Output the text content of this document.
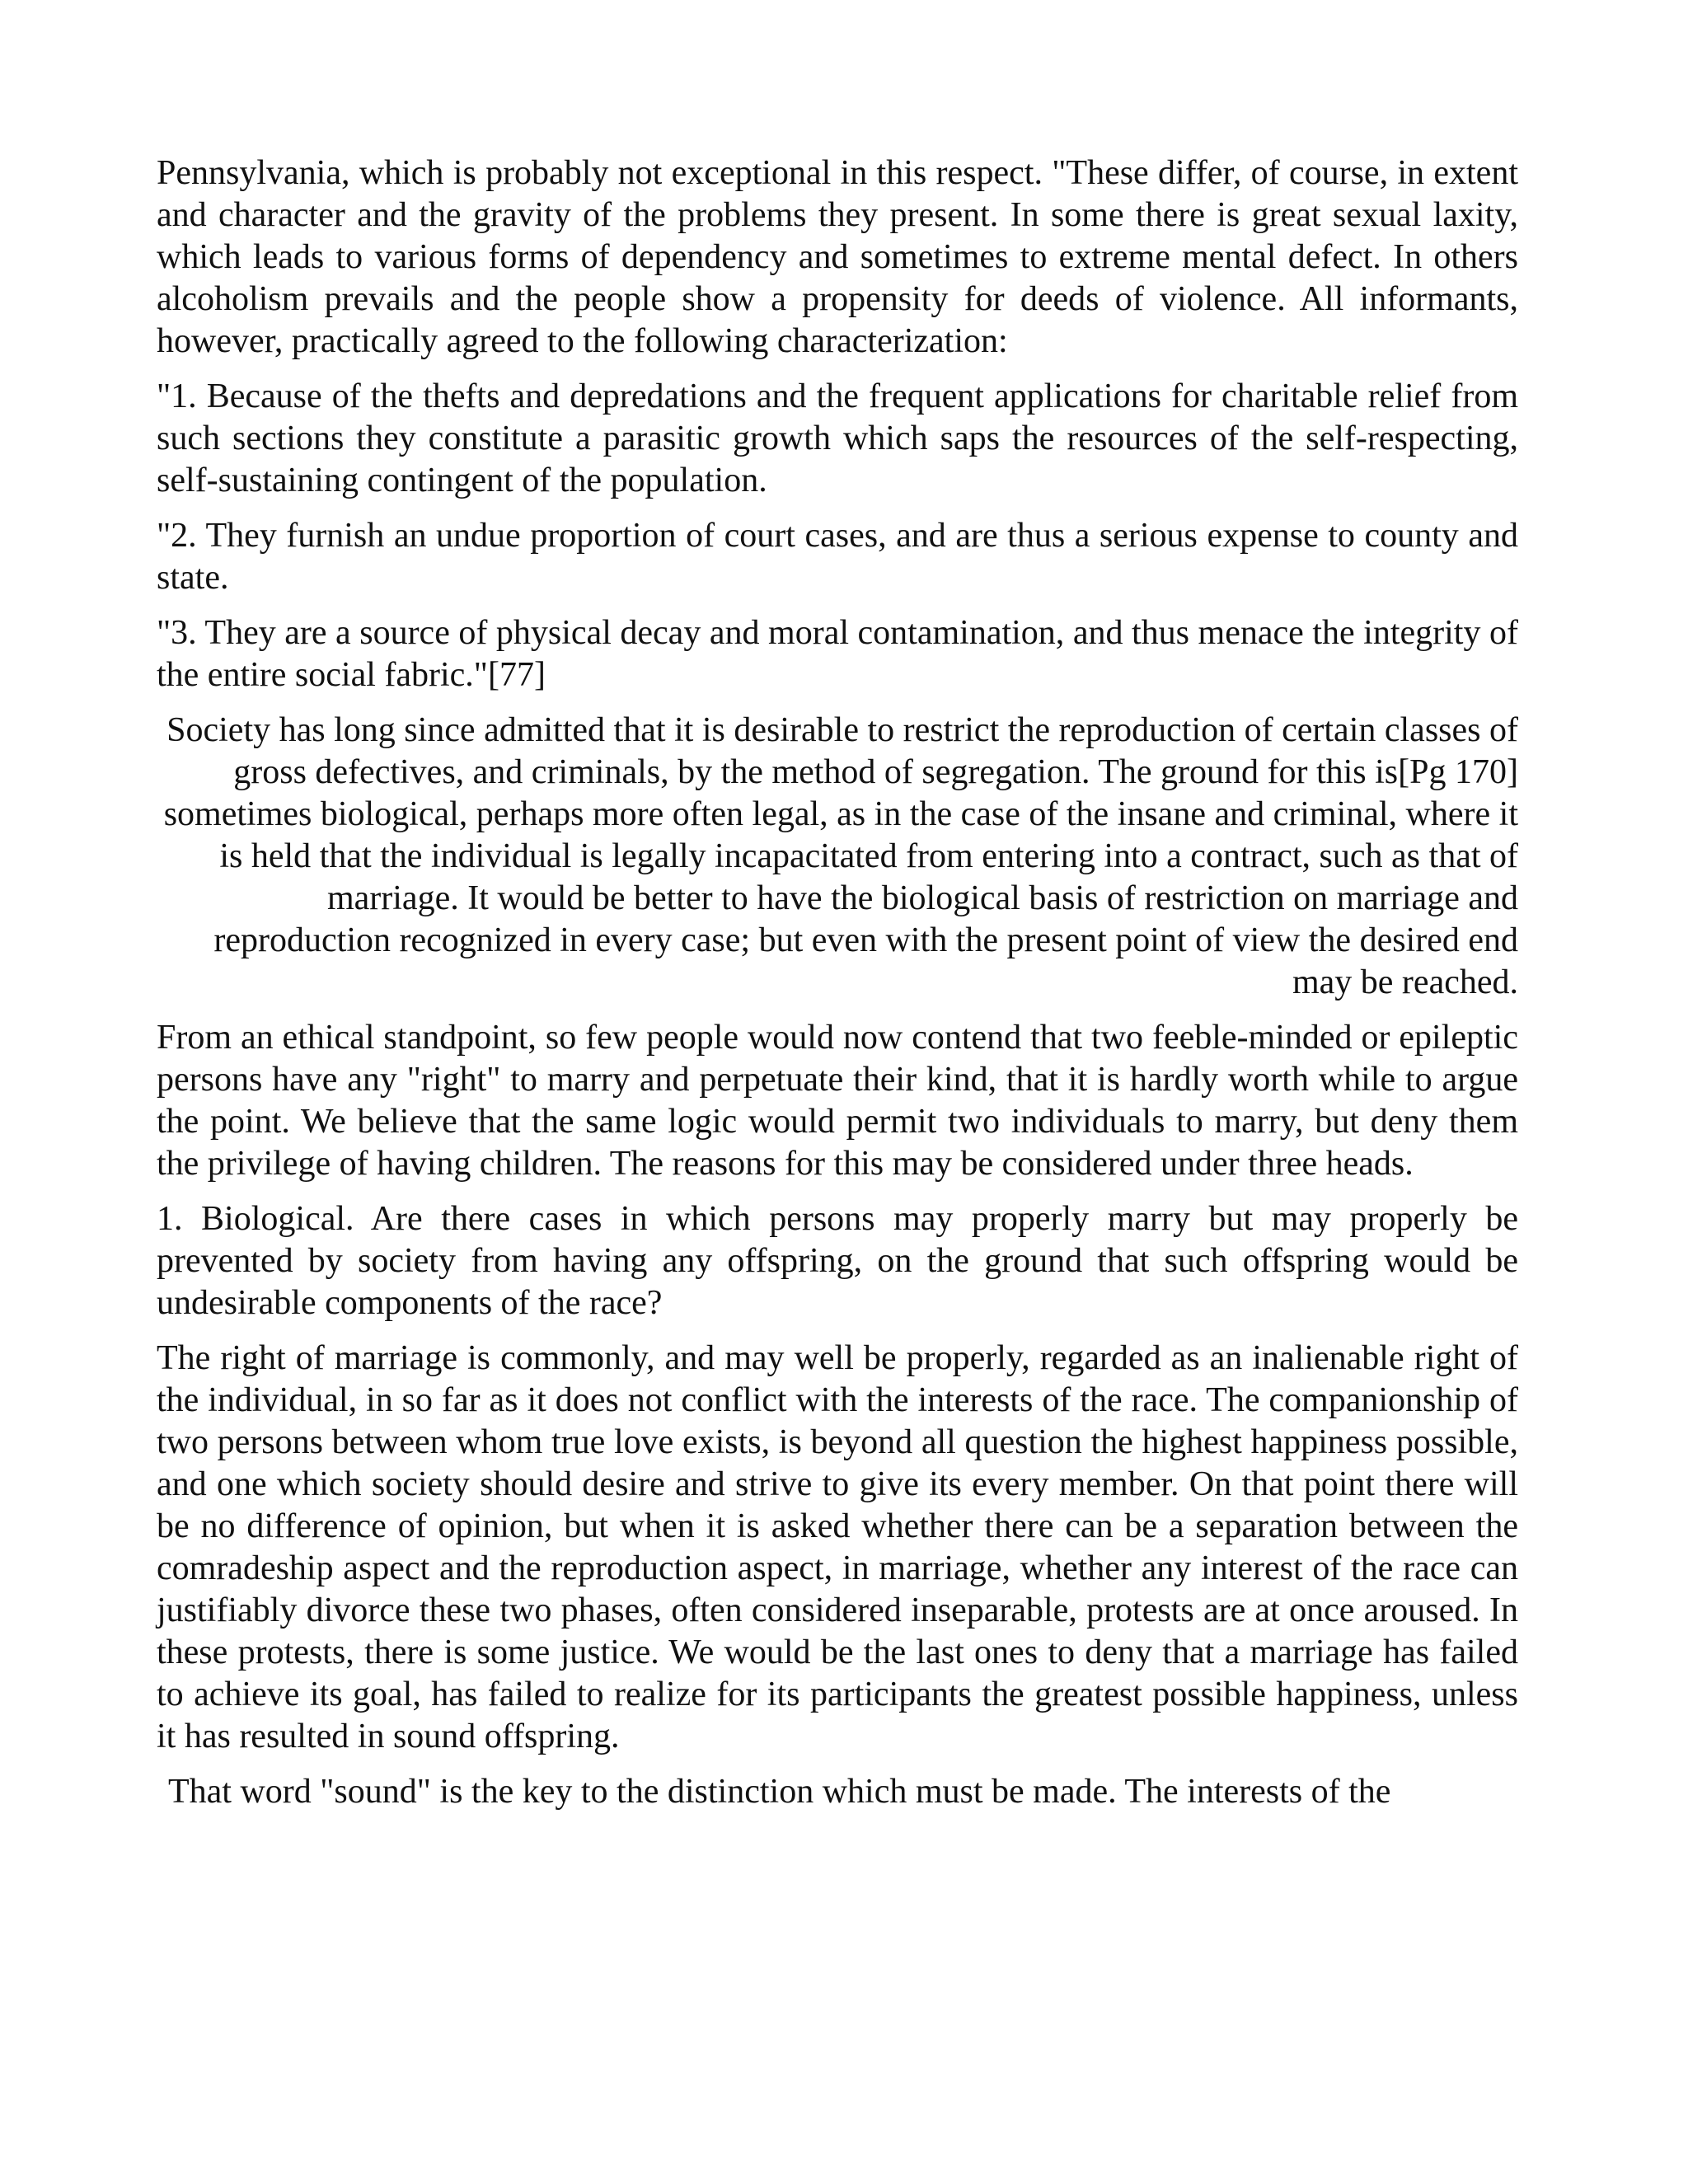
Pennsylvania, which is probably not exceptional in this respect. "These differ, of course, in extent and character and the gravity of the problems they present. In some there is great sexual laxity, which leads to various forms of dependency and sometimes to extreme mental defect. In others alcoholism prevails and the people show a propensity for deeds of violence. All informants, however, practically agreed to the following characterization:

"1. Because of the thefts and depredations and the frequent applications for charitable relief from such sections they constitute a parasitic growth which saps the resources of the self-respecting, self-sustaining contingent of the population.

"2. They furnish an undue proportion of court cases, and are thus a serious expense to county and state.

"3. They are a source of physical decay and moral contamination, and thus menace the integrity of the entire social fabric."[77]

Society has long since admitted that it is desirable to restrict the reproduction of certain classes of gross defectives, and criminals, by the method of segregation. The ground for this is[Pg 170] sometimes biological, perhaps more often legal, as in the case of the insane and criminal, where it is held that the individual is legally incapacitated from entering into a contract, such as that of marriage. It would be better to have the biological basis of restriction on marriage and reproduction recognized in every case; but even with the present point of view the desired end may be reached.

From an ethical standpoint, so few people would now contend that two feeble-minded or epileptic persons have any "right" to marry and perpetuate their kind, that it is hardly worth while to argue the point. We believe that the same logic would permit two individuals to marry, but deny them the privilege of having children. The reasons for this may be considered under three heads.

1. Biological. Are there cases in which persons may properly marry but may properly be prevented by society from having any offspring, on the ground that such offspring would be undesirable components of the race?

The right of marriage is commonly, and may well be properly, regarded as an inalienable right of the individual, in so far as it does not conflict with the interests of the race. The companionship of two persons between whom true love exists, is beyond all question the highest happiness possible, and one which society should desire and strive to give its every member. On that point there will be no difference of opinion, but when it is asked whether there can be a separation between the comradeship aspect and the reproduction aspect, in marriage, whether any interest of the race can justifiably divorce these two phases, often considered inseparable, protests are at once aroused. In these protests, there is some justice. We would be the last ones to deny that a marriage has failed to achieve its goal, has failed to realize for its participants the greatest possible happiness, unless it has resulted in sound offspring.

That word "sound" is the key to the distinction which must be made. The interests of the
